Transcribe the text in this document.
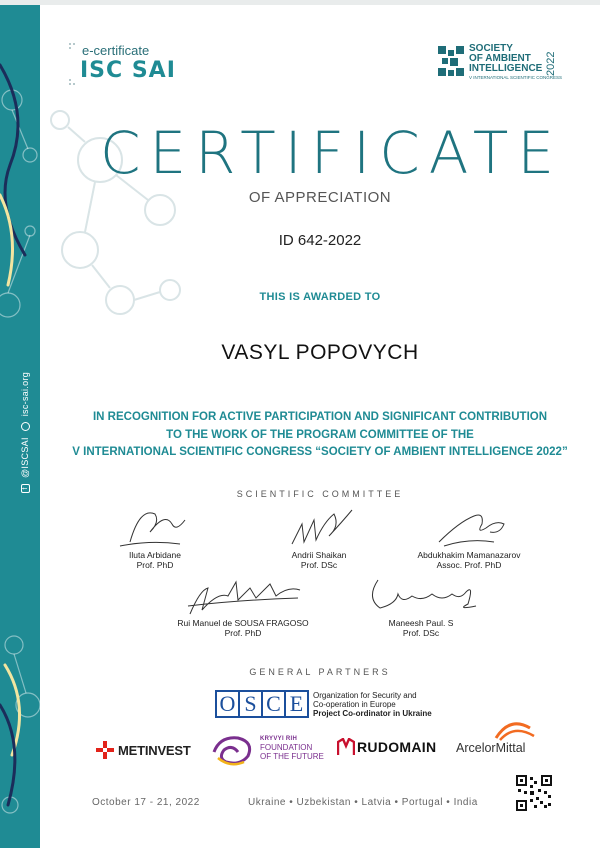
f
@ISCSAI
isc-sai.org
e-certificate
ISC SAI
SOCIETY
OF AMBIENT
INTELLIGENCE
V INTERNATIONAL SCIENTIFIC CONGRESS
2022
CERTIFICATE
OF APPRECIATION
ID 642-2022
THIS IS AWARDED TO
VASYL POPOVYCH
IN RECOGNITION FOR ACTIVE PARTICIPATION AND SIGNIFICANT CONTRIBUTION
TO THE WORK OF THE PROGRAM COMMITTEE OF THE
V INTERNATIONAL SCIENTIFIC CONGRESS “SOCIETY OF AMBIENT INTELLIGENCE 2022”
SCIENTIFIC COMMITTEE
Iluta Arbidane
Prof. PhD
Andrii Shaikan
Prof. DSc
Abdukhakim Mamanazarov
Assoc. Prof. PhD
Rui Manuel de SOUSA FRAGOSO
Prof. PhD
Maneesh Paul. S
Prof. DSc
GENERAL PARTNERS
O S C E	Organization for Security and
Co-operation in Europe
Project Co-ordinator in Ukraine
METINVEST
KRYVYI RIH
FOUNDATION
OF THE FUTURE
RUDOMAIN ArcelorMittal
October 17 - 21, 2022	Ukraine • Uzbekistan • Latvia • Portugal • India
